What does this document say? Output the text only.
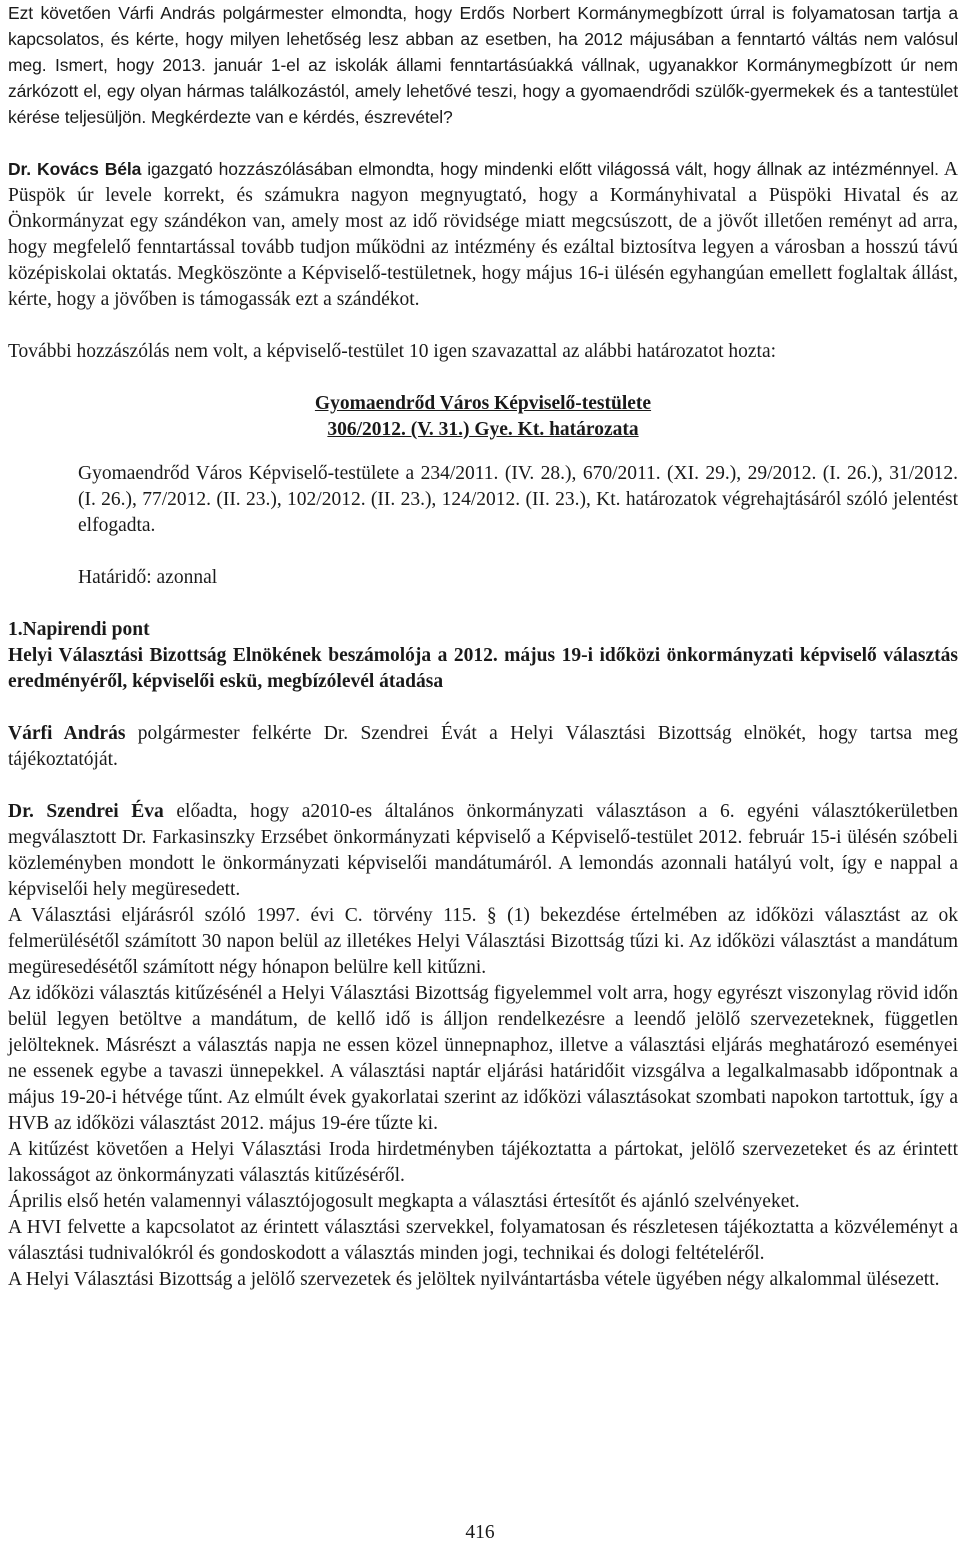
Ezt követően Várfi András polgármester elmondta, hogy Erdős Norbert Kormánymegbízott úrral is folyamatosan tartja a kapcsolatos, és kérte, hogy milyen lehetőség lesz abban az esetben, ha 2012 májusában a fenntartó váltás nem valósul meg. Ismert, hogy 2013. január 1-el az iskolák állami fenntartásúakká vállnak, ugyanakkor Kormánymegbízott úr nem zárkózott el, egy olyan hármas találkozástól, amely lehetővé teszi, hogy a gyomaendrődi szülők-gyermekek és a tantestület kérése teljesüljön. Megkérdezte van e kérdés, észrevétel?

Dr. Kovács Béla igazgató hozzászólásában elmondta, hogy mindenki előtt világossá vált, hogy állnak az intézménnyel. A Püspök úr levele korrekt, és számukra nagyon megnyugtató, hogy a Kormányhivatal a Püspöki Hivatal és az Önkormányzat egy szándékon van, amely most az idő rövidsége miatt megcsúszott, de a jövőt illetően reményt ad arra, hogy megfelelő fenntartással tovább tudjon működni az intézmény és ezáltal biztosítva legyen a városban a hosszú távú középiskolai oktatás. Megköszönte a Képviselő-testületnek, hogy május 16-i ülésén egyhangúan emellett foglaltak állást, kérte, hogy a jövőben is támogassák ezt a szándékot.

További hozzászólás nem volt, a képviselő-testület 10 igen szavazattal az alábbi határozatot hozta:

Gyomaendrőd Város Képviselő-testülete
306/2012. (V. 31.) Gye. Kt. határozata

Gyomaendrőd Város Képviselő-testülete a 234/2011. (IV. 28.), 670/2011. (XI. 29.), 29/2012. (I. 26.), 31/2012. (I. 26.), 77/2012. (II. 23.), 102/2012. (II. 23.), 124/2012. (II. 23.), Kt. határozatok végrehajtásáról szóló jelentést elfogadta.

Határidő: azonnal

1.Napirendi pont

Helyi Választási Bizottság Elnökének beszámolója a 2012. május 19-i időközi önkormányzati képviselő választás eredményéről, képviselői eskü, megbízólevél átadása

Várfi András polgármester felkérte Dr. Szendrei Évát a Helyi Választási Bizottság elnökét, hogy tartsa meg tájékoztatóját.

Dr. Szendrei Éva előadta, hogy a2010-es általános önkormányzati választáson a 6. egyéni választókerületben megválasztott Dr. Farkasinszky Erzsébet önkormányzati képviselő a Képviselő-testület 2012. február 15-i ülésén szóbeli közleményben mondott le önkormányzati képviselői mandátumáról. A lemondás azonnali hatályú volt, így e nappal a képviselői hely megüresedett.

A Választási eljárásról szóló 1997. évi C. törvény 115. § (1) bekezdése értelmében az időközi választást az ok felmerülésétől számított 30 napon belül az illetékes Helyi Választási Bizottság tűzi ki. Az időközi választást a mandátum megüresedésétől számított négy hónapon belülre kell kitűzni.

Az időközi választás kitűzésénél a Helyi Választási Bizottság figyelemmel volt arra, hogy egyrészt viszonylag rövid időn belül legyen betöltve a mandátum, de kellő idő is álljon rendelkezésre a leendő jelölő szervezeteknek, független jelölteknek. Másrészt a választás napja ne essen közel ünnepnaphoz, illetve a választási eljárás meghatározó eseményei ne essenek egybe a tavaszi ünnepekkel. A választási naptár eljárási határidőit vizsgálva a legalkalmasabb időpontnak a május 19-20-i hétvége tűnt. Az elmúlt évek gyakorlatai szerint az időközi választásokat szombati napokon tartottuk, így a HVB az időközi választást 2012. május 19-ére tűzte ki.

A kitűzést követően a Helyi Választási Iroda hirdetményben tájékoztatta a pártokat, jelölő szervezeteket és az érintett lakosságot az önkormányzati választás kitűzéséről.

Április első hetén valamennyi választójogosult megkapta a választási értesítőt és ajánló szelvényeket.

A HVI felvette a kapcsolatot az érintett választási szervekkel, folyamatosan és részletesen tájékoztatta a közvéleményt a választási tudnivalókról és gondoskodott a választás minden jogi, technikai és dologi feltételéről.

A Helyi Választási Bizottság a jelölő szervezetek és jelöltek nyilvántartásba vétele ügyében négy alkalommal ülésezett.

416
